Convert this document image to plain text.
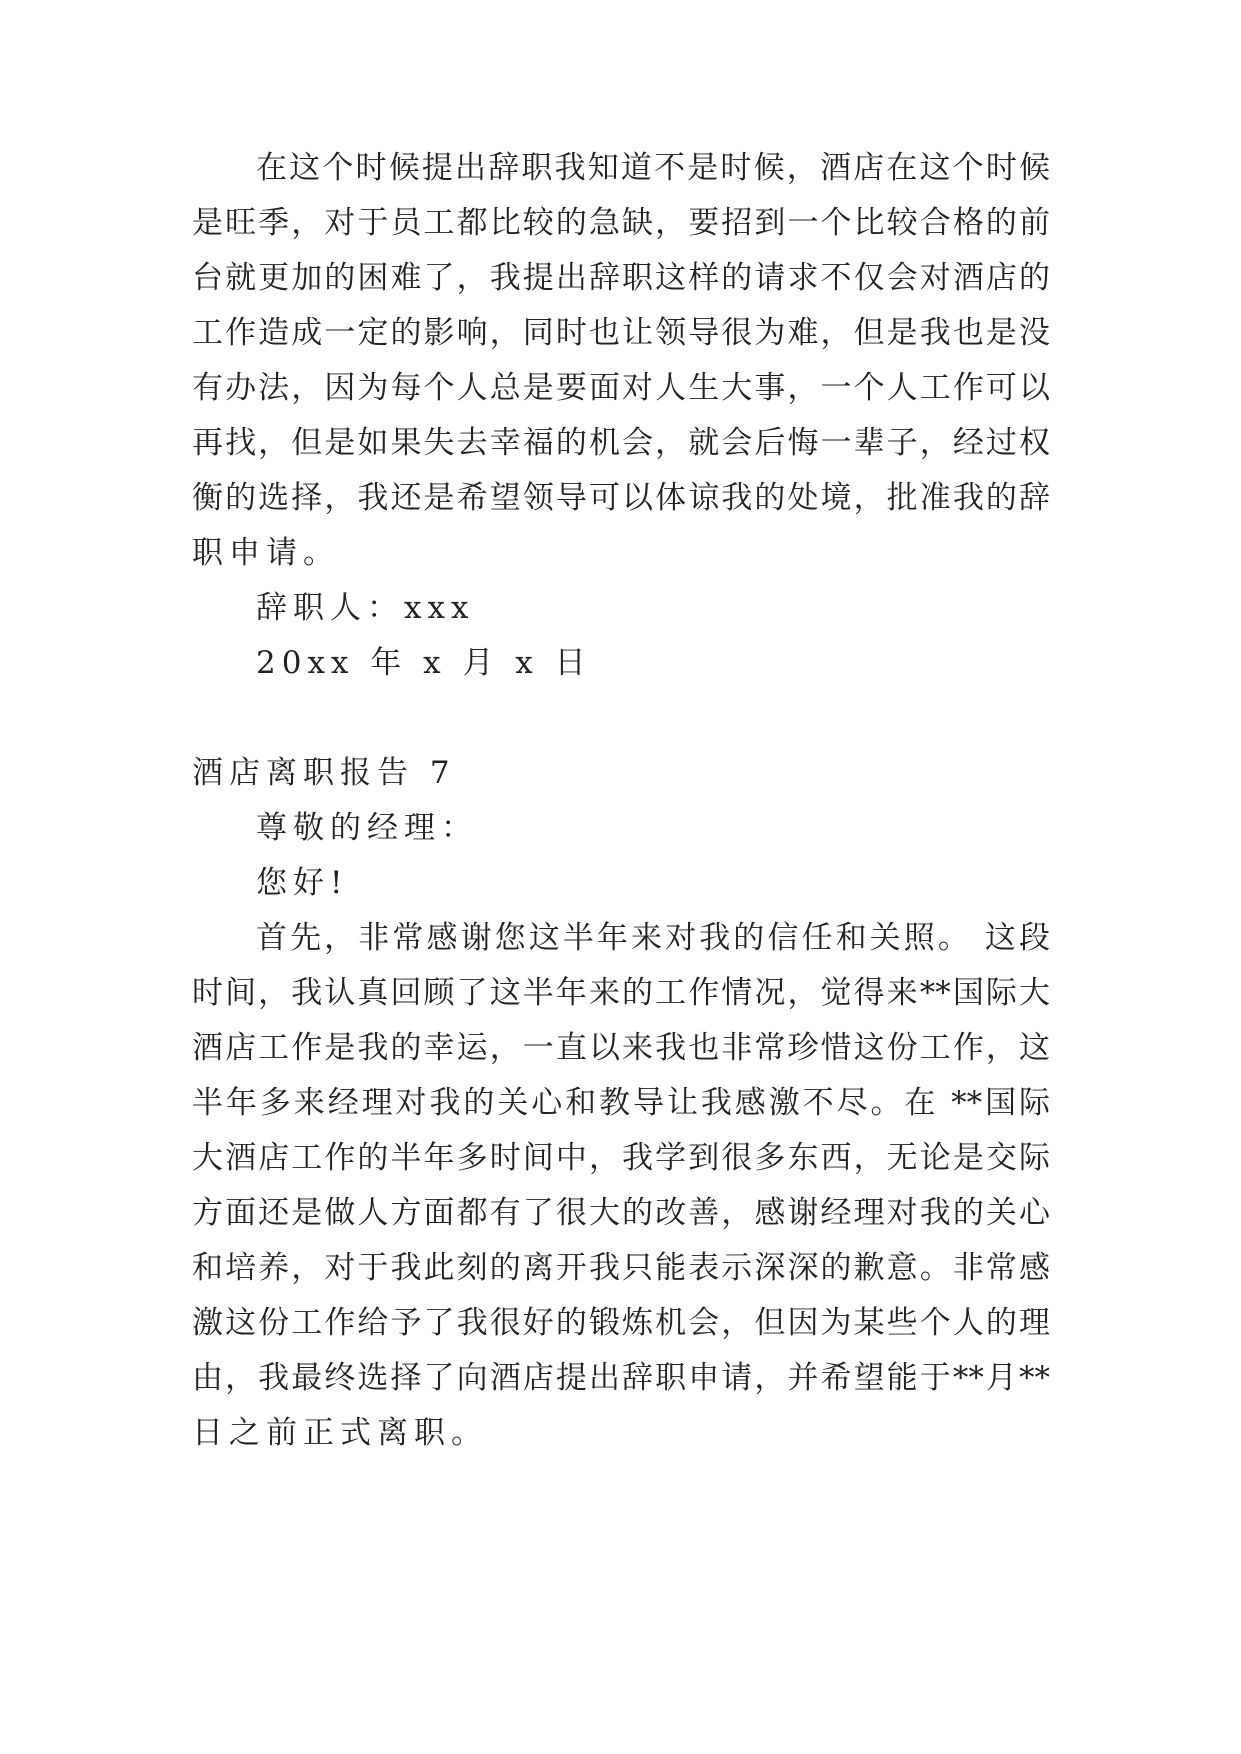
在这个时候提出辞职我知道不是时候，酒店在这个时候
是旺季，对于员工都比较的急缺，要招到一个比较合格的前
台就更加的困难了，我提出辞职这样的请求不仅会对酒店的
工作造成一定的影响，同时也让领导很为难，但是我也是没
有办法，因为每个人总是要面对人生大事，一个人工作可以
再找，但是如果失去幸福的机会，就会后悔一辈子，经过权
衡的选择，我还是希望领导可以体谅我的处境，批准我的辞
职申请。
辞职人：xxx
20xx 年 x 月 x 日
酒店离职报告 7
尊敬的经理：
您好!
首先，非常感谢您这半年来对我的信任和关照。 这段
时间，我认真回顾了这半年来的工作情况，觉得来**国际大
酒店工作是我的幸运，一直以来我也非常珍惜这份工作，这
半年多来经理对我的关心和教导让我感激不尽。在 **国际
大酒店工作的半年多时间中，我学到很多东西，无论是交际
方面还是做人方面都有了很大的改善，感谢经理对我的关心
和培养，对于我此刻的离开我只能表示深深的歉意。非常感
激这份工作给予了我很好的锻炼机会，但因为某些个人的理
由，我最终选择了向酒店提出辞职申请，并希望能于**月**
日之前正式离职。
